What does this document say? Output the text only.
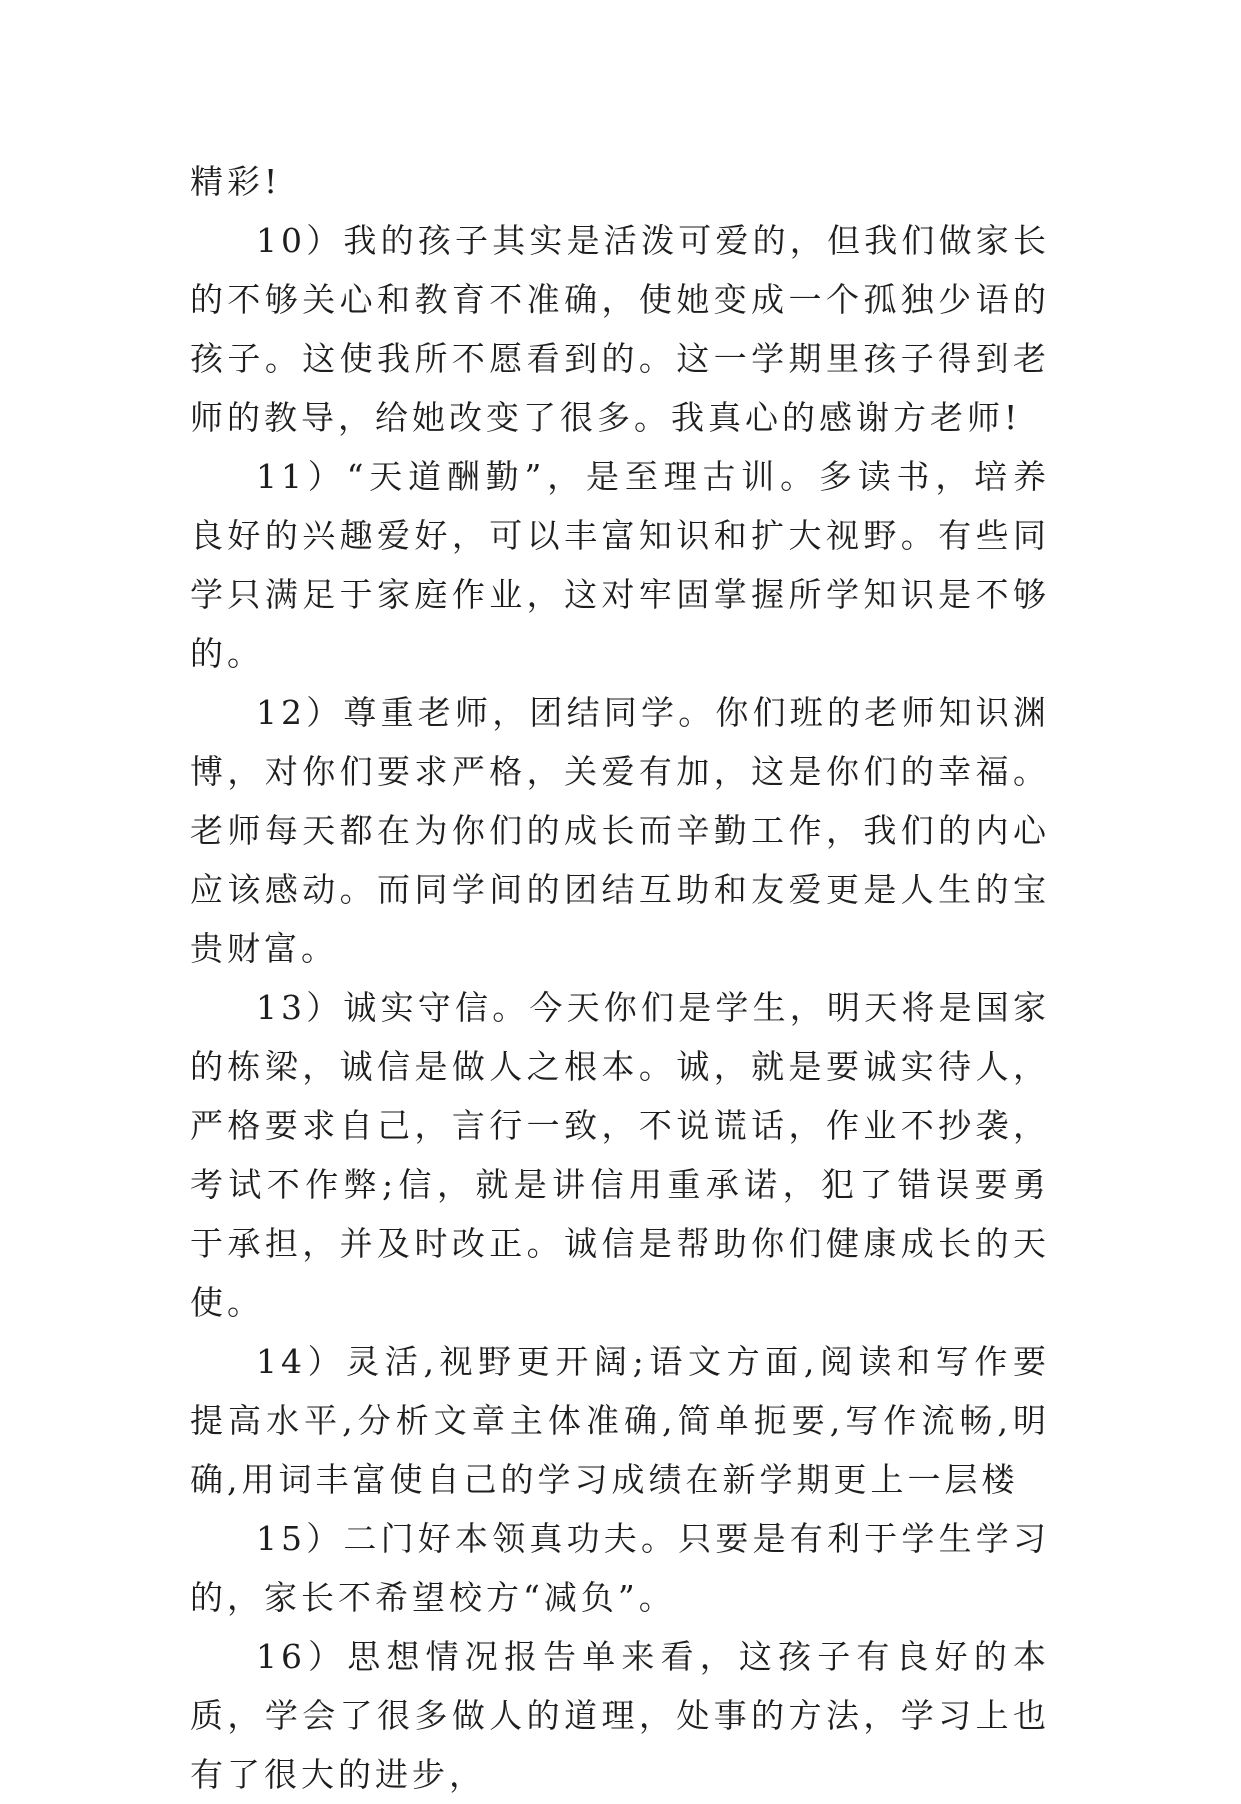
精彩!

10）我的孩子其实是活泼可爱的，但我们做家长的不够关心和教育不准确，使她变成一个孤独少语的孩子。这使我所不愿看到的。这一学期里孩子得到老师的教导，给她改变了很多。我真心的感谢方老师!

11）“天道酬勤”，是至理古训。多读书，培养良好的兴趣爱好，可以丰富知识和扩大视野。有些同学只满足于家庭作业，这对牢固掌握所学知识是不够的。

12）尊重老师，团结同学。你们班的老师知识渊博，对你们要求严格，关爱有加，这是你们的幸福。老师每天都在为你们的成长而辛勤工作，我们的内心应该感动。而同学间的团结互助和友爱更是人生的宝贵财富。

13）诚实守信。今天你们是学生，明天将是国家的栋梁，诚信是做人之根本。诚，就是要诚实待人，严格要求自己，言行一致，不说谎话，作业不抄袭，考试不作弊;信，就是讲信用重承诺，犯了错误要勇于承担，并及时改正。诚信是帮助你们健康成长的天使。

14）灵活,视野更开阔;语文方面,阅读和写作要提高水平,分析文章主体准确,简单扼要,写作流畅,明确,用词丰富使自己的学习成绩在新学期更上一层楼

15）二门好本领真功夫。只要是有利于学生学习的，家长不希望校方“减负”。

16）思想情况报告单来看，这孩子有良好的本质，学会了很多做人的道理，处事的方法，学习上也有了很大的进步，
